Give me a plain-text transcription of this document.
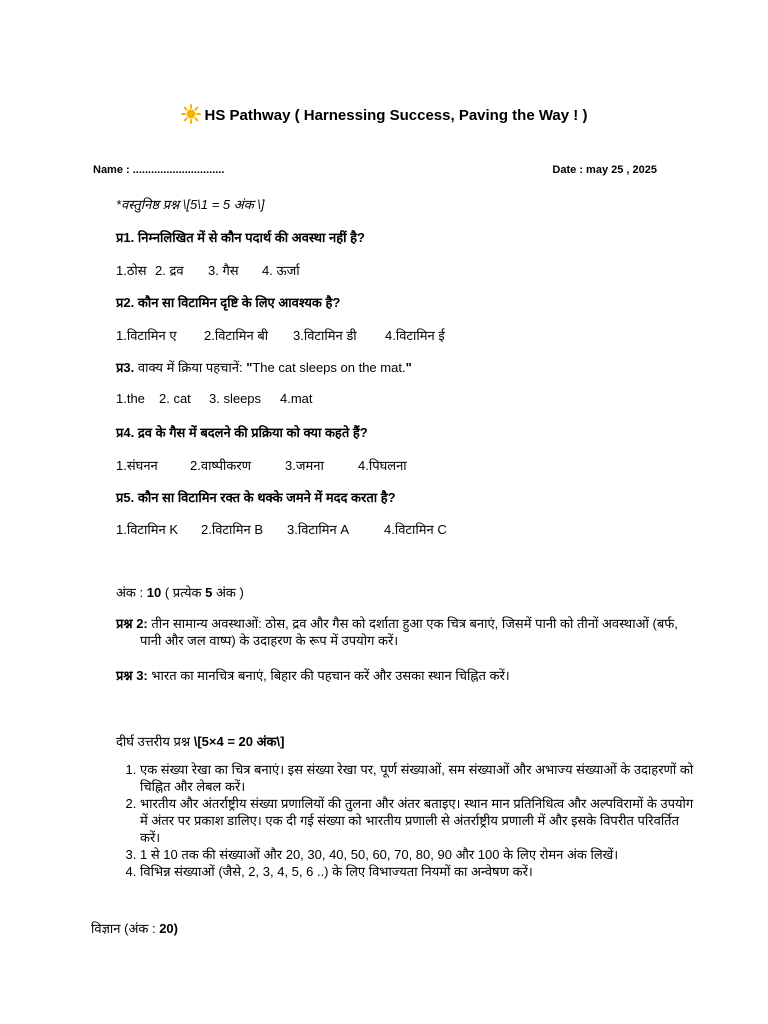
HS Pathway ( Harnessing Success, Paving the Way ! )
Name : ..............................	Date : may 25 , 2025
*वस्तुनिष्ठ प्रश्न \[5\1 = 5 अंक \]
प्र1. निम्नलिखित में से कौन पदार्थ की अवस्था नहीं है?
1.ठोस 2. द्रव 3. गैस 4. ऊर्जा
प्र2. कौन सा विटामिन दृष्टि के लिए आवश्यक है?
1.विटामिन ए 2.विटामिन बी 3.विटामिन डी 4.विटामिन ई
प्र3. वाक्य में क्रिया पहचानें: "The cat sleeps on the mat."
1.the 2. cat 3. sleeps 4.mat
प्र4. द्रव के गैस में बदलने की प्रक्रिया को क्या कहते हैं?
1.संघनन 2.वाष्पीकरण	3.जमना	4.पिघलना
प्र5. कौन सा विटामिन रक्त के थक्के जमने में मदद करता है?
1.विटामिन K 2.विटामिन B 3.विटामिन A	4.विटामिन C
अंक : 10 ( प्रत्येक 5 अंक )
प्रश्न 2: तीन सामान्य अवस्थाओं: ठोस, द्रव और गैस को दर्शाता हुआ एक चित्र बनाएं, जिसमें पानी को तीनों अवस्थाओं (बर्फ, पानी और जल वाष्प) के उदाहरण के रूप में उपयोग करें।
प्रश्न 3: भारत का मानचित्र बनाएं, बिहार की पहचान करें और उसका स्थान चिह्नित करें।
दीर्घ उत्तरीय प्रश्न \[5×4 = 20 अंक\]
1. एक संख्या रेखा का चित्र बनाएं। इस संख्या रेखा पर, पूर्ण संख्याओं, सम संख्याओं और अभाज्य संख्याओं के उदाहरणों को चिह्नित और लेबल करें।
2. भारतीय और अंतर्राष्ट्रीय संख्या प्रणालियों की तुलना और अंतर बताइए। स्थान मान प्रतिनिधित्व और अल्पविरामों के उपयोग में अंतर पर प्रकाश डालिए। एक दी गई संख्या को भारतीय प्रणाली से अंतर्राष्ट्रीय प्रणाली में और इसके विपरीत परिवर्तित करें।
3. 1 से 10 तक की संख्याओं और 20, 30, 40, 50, 60, 70, 80, 90 और 100 के लिए रोमन अंक लिखें।
4. विभिन्न संख्याओं (जैसे, 2, 3, 4, 5, 6 ..) के लिए विभाज्यता नियमों का अन्वेषण करें।
विज्ञान (अंक : 20)
